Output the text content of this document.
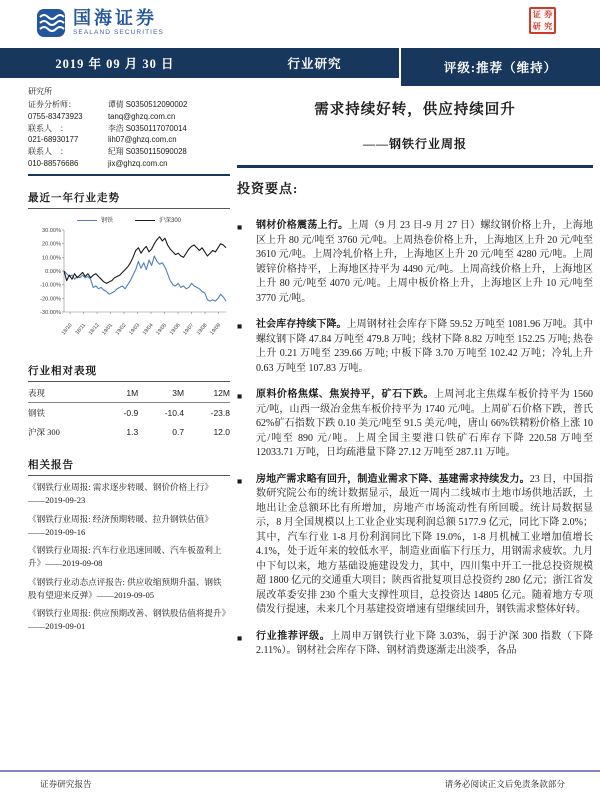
国海证券
SEALAND SECURITIES
证 券
研 究
2019 年 09 月 30 日	行业研究	评级:推荐（维持）
研究所
证券分析师：	谭倩 S0350512090002
0755-83473923	tanq@ghzq.com.cn
联系人　：	李浩 S0350117070014
021-68930177	lih07@ghzq.com.cn
联系人　：	纪翔 S0350115090028
010-88576686	jix@ghzq.com.cn
最近一年行业走势
钢铁	沪深300
30.00%
20.00%
10.00%
0.00%
-10.00%
-20.00%
-30.00%
18/10 18/11 18/12 19/01 19/02 19/03 19/04 19/05 19/06 19/07 19/08 19/09
行业相对表现
表现	1M	3M	12M
钢铁	-0.9	-10.4	-23.8
沪深 300	1.3	0.7	12.0
相关报告
《钢铁行业周报: 需求逐步转暖、钢价价格上行》——2019-09-23
《钢铁行业周报: 经济预期转暖、拉升钢铁估值》——2019-09-16
《钢铁行业周报: 汽车行业迅速回暖、汽车板盈利上升》——2019-09-08
《钢铁行业动态点评报告: 供应收缩预期升温、钢铁股有望迎来反弹》——2019-09-05
《钢铁行业周报: 供应预期改善、钢铁股估值将提升》——2019-09-01
需求持续好转，供应持续回升
——钢铁行业周报
投资要点:
■ 钢材价格震荡上行。上周（9 月 23 日-9 月 27 日）螺纹钢价格上升，上海地区上升 80 元/吨至 3760 元/吨。上周热卷价格上升，上海地区上升 20 元/吨至 3610 元/吨。上周冷轧价格上升，上海地区上升 20 元/吨至 4280 元/吨。上周镀锌价格持平，上海地区持平为 4490 元/吨。上周高线价格上升，上海地区上升 80 元/吨至 4070 元/吨。上周中板价格上升，上海地区上升 10 元/吨至 3770 元/吨。
■ 社会库存持续下降。上周钢材社会库存下降 59.52 万吨至 1081.96 万吨。其中螺纹钢下降 47.84 万吨至 479.8 万吨；线材下降 8.82 万吨至 152.25 万吨; 热卷上升 0.21 万吨至 239.66 万吨; 中板下降 3.70 万吨至 102.42 万吨；冷轧上升 0.63 万吨至 107.83 万吨。
■ 原料价格焦煤、焦炭持平，矿石下跌。上周河北主焦煤车板价持平为 1560 元/吨，山西一级冶金焦车板价持平为 1740 元/吨。上周矿石价格下跌，普氏 62%矿石指数下跌 0.10 美元/吨至 91.5 美元/吨，唐山 66%铁精粉价格上涨 10 元/吨至 890 元/吨。上周全国主要港口铁矿石库存下降 220.58 万吨至 12033.71 万吨，日均疏港量下降 27.12 万吨至 287.11 万吨。
■ 房地产需求略有回升，制造业需求下降、基建需求持续发力。23 日，中国指数研究院公布的统计数据显示，最近一周内二线城市土地市场供地活跃，土地出让金总额环比有所增加，房地产市场流动性有所回暖。统计局数据显示，8 月全国规模以上工业企业实现利润总额 5177.9 亿元，同比下降 2.0%；其中，汽车行业 1-8 月份利润同比下降 19.0%，1-8 月机械工业增加值增长 4.1%，处于近年来的较低水平，制造业面临下行压力，用钢需求疲软。九月中下旬以来，地方基础设施建设发力，其中，四川集中开工一批总投资规模超 1800 亿元的交通重大项目；陕西省批复项目总投资约 280 亿元；浙江省发展改革委安排 230 个重大支撑性项目，总投资达 14805 亿元。随着地方专项债发行提速，未来几个月基建投资增速有望继续回升，钢铁需求整体好转。
■ 行业推荐评级。上周申万钢铁行业下降 3.03%，弱于沪深 300 指数（下降 2.11%）。钢材社会库存下降、钢材消费逐渐走出淡季，各品
证券研究报告	请务必阅读正文后免责条款部分
